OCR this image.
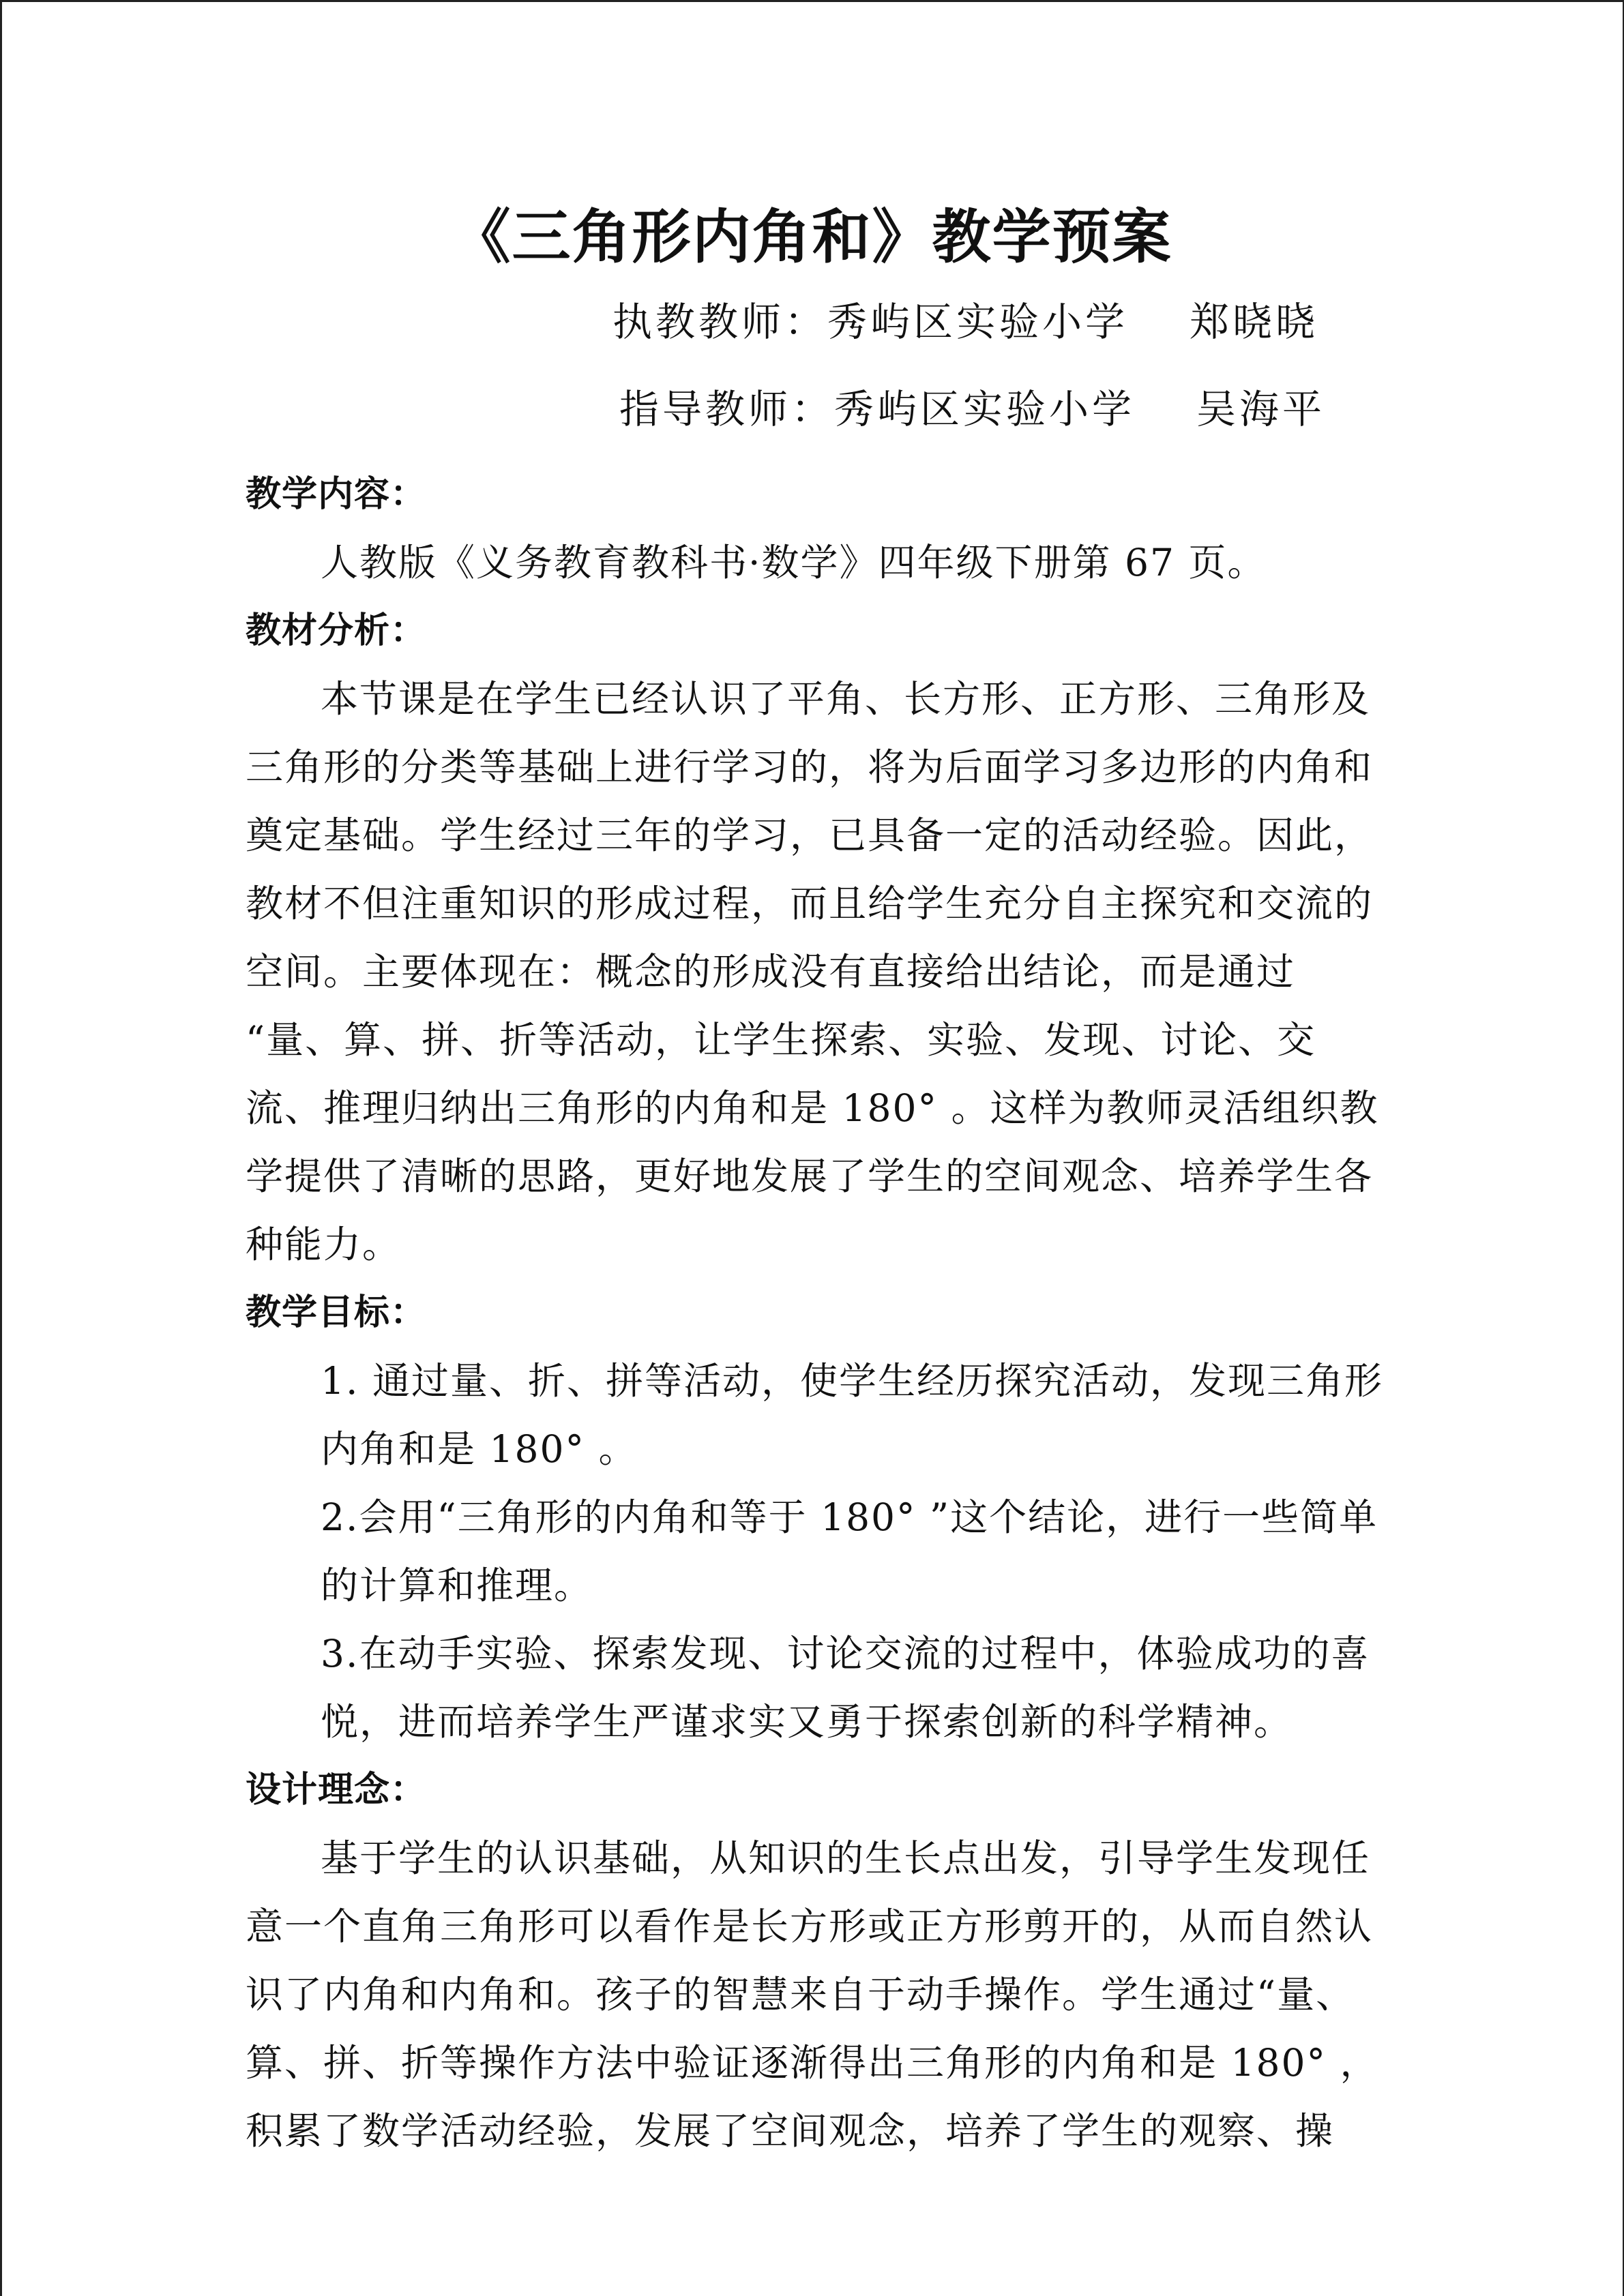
《三角形内角和》教学预案
执教教师：秀屿区实验小学 郑晓晓
指导教师：秀屿区实验小学 吴海平
教学内容：
人教版《义务教育教科书·数学》四年级下册第 67 页。
教材分析：
本节课是在学生已经认识了平角、长方形、正方形、三角形及
三角形的分类等基础上进行学习的，将为后面学习多边形的内角和
奠定基础。学生经过三年的学习，已具备一定的活动经验。因此，
教材不但注重知识的形成过程，而且给学生充分自主探究和交流的
空间。主要体现在：概念的形成没有直接给出结论，而是通过
“量、算、拼、折等活动，让学生探索、实验、发现、讨论、交
流、推理归纳出三角形的内角和是 180° 。这样为教师灵活组织教
学提供了清晰的思路，更好地发展了学生的空间观念、培养学生各
种能力。
教学目标：
1. 通过量、折、拼等活动，使学生经历探究活动，发现三角形
内角和是 180° 。
2.会用“三角形的内角和等于 180° ”这个结论，进行一些简单
的计算和推理。
3.在动手实验、探索发现、讨论交流的过程中，体验成功的喜
悦，进而培养学生严谨求实又勇于探索创新的科学精神。
设计理念：
基于学生的认识基础，从知识的生长点出发，引导学生发现任
意一个直角三角形可以看作是长方形或正方形剪开的，从而自然认
识了内角和内角和。孩子的智慧来自于动手操作。学生通过“量、
算、拼、折等操作方法中验证逐渐得出三角形的内角和是 180° ，
积累了数学活动经验，发展了空间观念，培养了学生的观察、操
